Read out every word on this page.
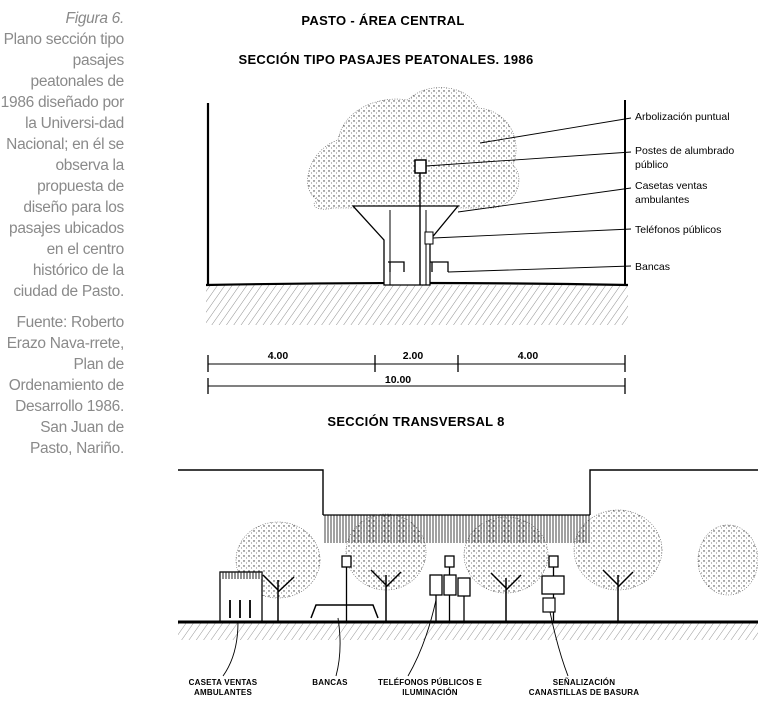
Figura 6.
Plano sección tipo pasajes peatonales de 1986 diseñado por la Universi-dad Nacional; en él se observa la propuesta de diseño para los pasajes ubicados en el centro histórico de la ciudad de Pasto.

Fuente: Roberto Erazo Nava-rrete, Plan de Ordenamiento de Desarrollo 1986. San Juan de Pasto, Nariño.

PASTO - ÁREA CENTRAL
SECCIÓN TIPO PASAJES PEATONALES. 1986
Arbolización puntual
Postes de alumbrado
público
Casetas ventas
ambulantes
Teléfonos públicos
Bancas
4.00	2.00	4.00
10.00
SECCIÓN TRANSVERSAL 8
CASETA VENTAS
AMBULANTES
BANCAS	TELÉFONOS PÚBLICOS E
ILUMINACIÓN
SEÑALIZACIÓN
CANASTILLAS DE BASURA
